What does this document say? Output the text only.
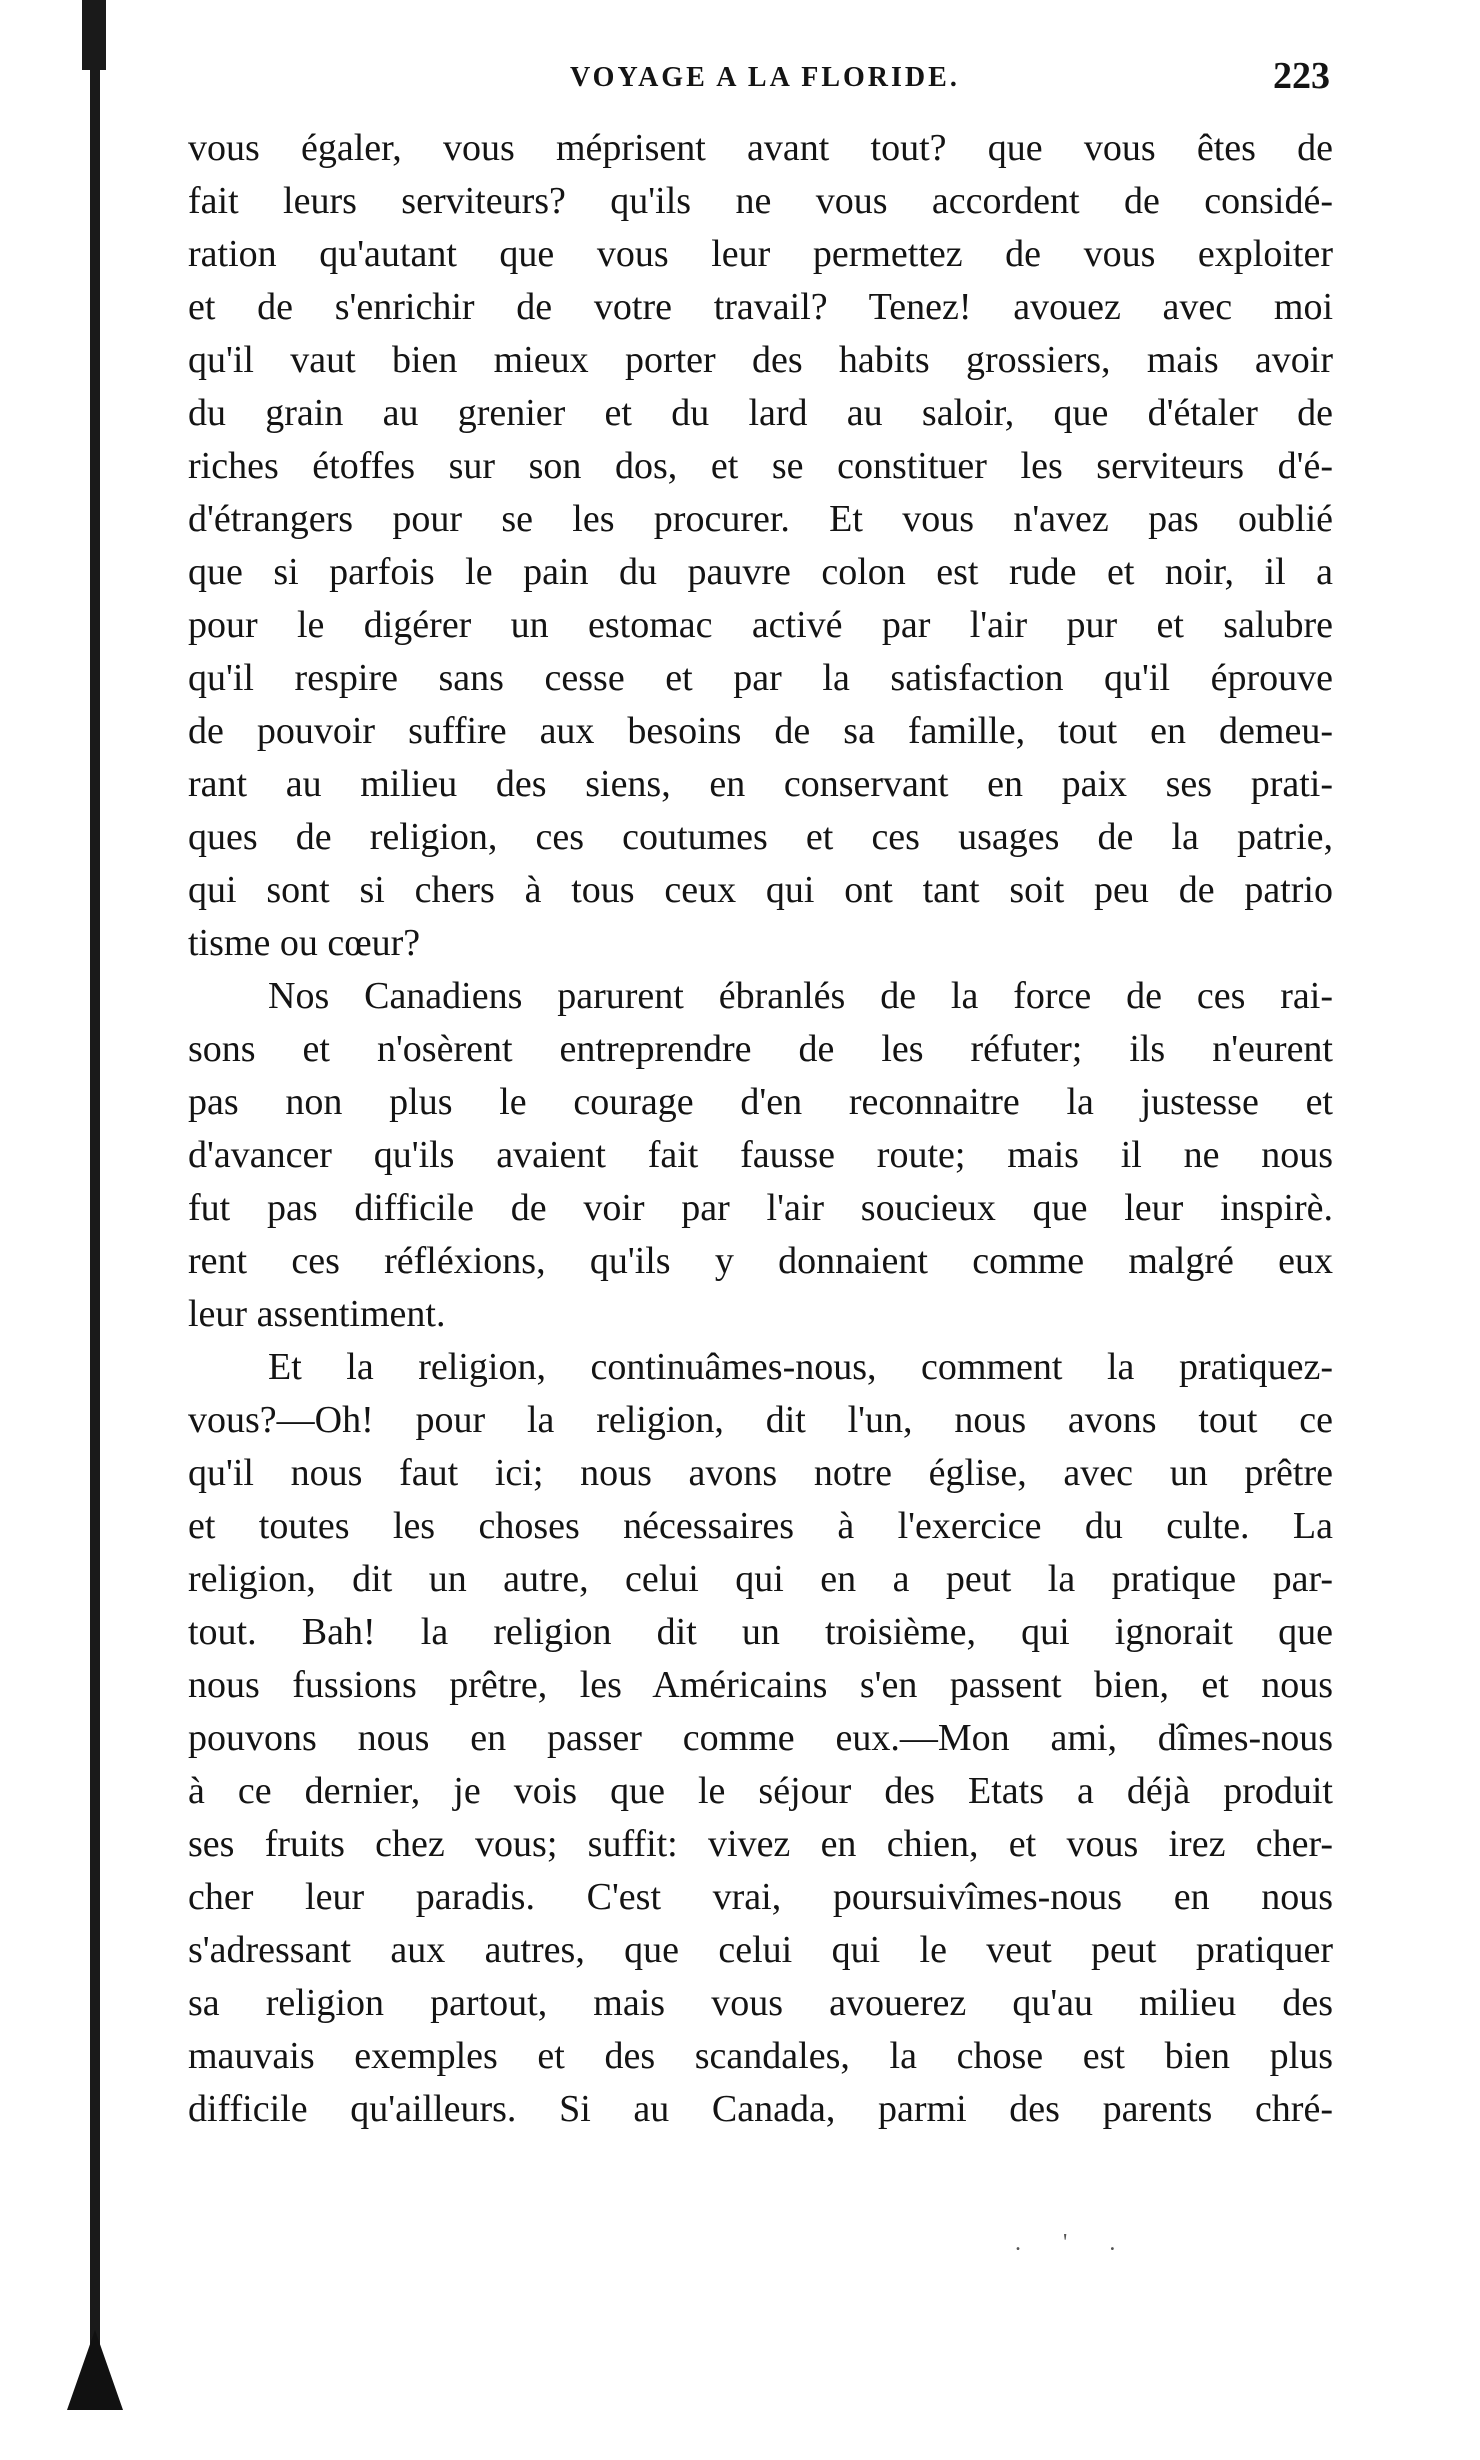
VOYAGE A LA FLORIDE.	223
vous égaler, vous méprisent avant tout? que vous êtes de
fait leurs serviteurs? qu'ils ne vous accordent de considé-
ration qu'autant que vous leur permettez de vous exploiter
et de s'enrichir de votre travail? Tenez! avouez avec moi
qu'il vaut bien mieux porter des habits grossiers, mais avoir
du grain au grenier et du lard au saloir, que d'étaler de
riches étoffes sur son dos, et se constituer les serviteurs d'é-
d'étrangers pour se les procurer. Et vous n'avez pas oublié
que si parfois le pain du pauvre colon est rude et noir, il a
pour le digérer un estomac activé par l'air pur et salubre
qu'il respire sans cesse et par la satisfaction qu'il éprouve
de pouvoir suffire aux besoins de sa famille, tout en demeu-
rant au milieu des siens, en conservant en paix ses prati-
ques de religion, ces coutumes et ces usages de la patrie,
qui sont si chers à tous ceux qui ont tant soit peu de patrio
tisme ou cœur?
Nos Canadiens parurent ébranlés de la force de ces rai-
sons et n'osèrent entreprendre de les réfuter; ils n'eurent
pas non plus le courage d'en reconnaitre la justesse et
d'avancer qu'ils avaient fait fausse route; mais il ne nous
fut pas difficile de voir par l'air soucieux que leur inspirè.
rent ces réfléxions, qu'ils y donnaient comme malgré eux
leur assentiment.
Et la religion, continuâmes-nous, comment la pratiquez-
vous?—Oh! pour la religion, dit l'un, nous avons tout ce
qu'il nous faut ici; nous avons notre église, avec un prêtre
et toutes les choses nécessaires à l'exercice du culte. La
religion, dit un autre, celui qui en a peut la pratique par-
tout. Bah! la religion dit un troisième, qui ignorait que
nous fussions prêtre, les Américains s'en passent bien, et nous
pouvons nous en passer comme eux.—Mon ami, dîmes-nous
à ce dernier, je vois que le séjour des Etats a déjà produit
ses fruits chez vous; suffit: vivez en chien, et vous irez cher-
cher leur paradis. C'est vrai, poursuivîmes-nous en nous
s'adressant aux autres, que celui qui le veut peut pratiquer
sa religion partout, mais vous avouerez qu'au milieu des
mauvais exemples et des scandales, la chose est bien plus
difficile qu'ailleurs. Si au Canada, parmi des parents chré-
. ' .
